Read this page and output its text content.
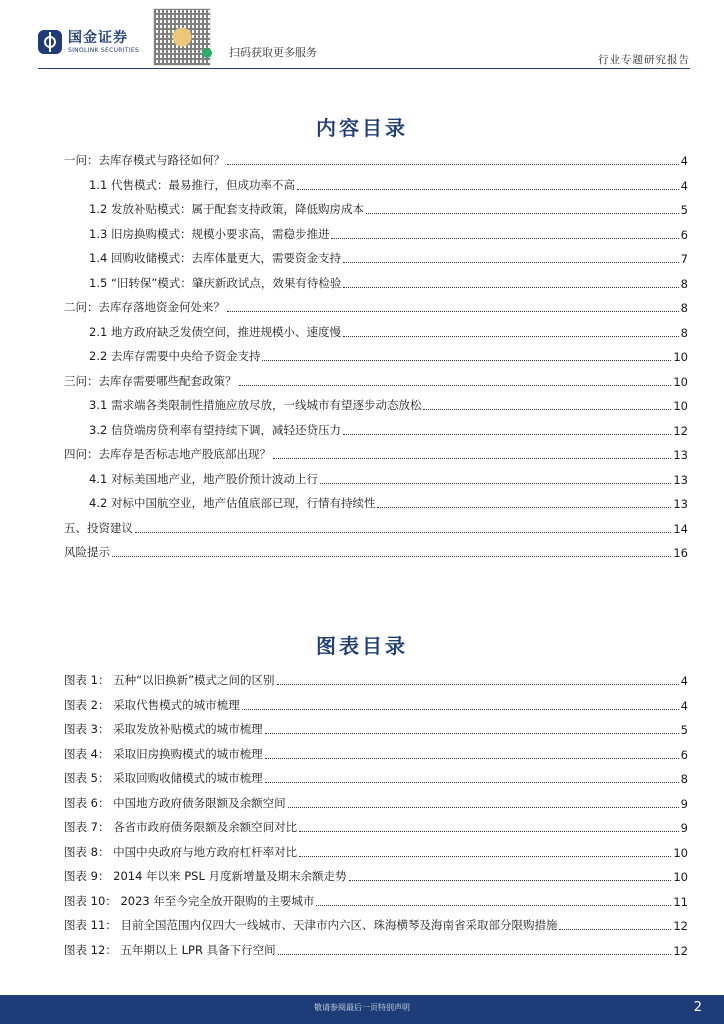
国金证券
SINOLINK SECURITIES	扫码获取更多服务
行业专题研究报告
内容目录
一问：去库存模式与路径如何？	4
1.1 代售模式：最易推行，但成功率不高	4
1.2 发放补贴模式：属于配套支持政策，降低购房成本	5
1.3 旧房换购模式：规模小要求高，需稳步推进	6
1.4 回购收储模式：去库体量更大，需要资金支持	7
1.5 “旧转保”模式：肇庆新政试点，效果有待检验	8
二问：去库存落地资金何处来？	8
2.1 地方政府缺乏发债空间，推进规模小、速度慢	8
2.2 去库存需要中央给予资金支持	10
三问：去库存需要哪些配套政策？	10
3.1 需求端各类限制性措施应放尽放，一线城市有望逐步动态放松	10
3.2 信贷端房贷利率有望持续下调，减轻还贷压力	12
四问：去库存是否标志地产股底部出现？	13
4.1 对标美国地产业，地产股价预计波动上行	13
4.2 对标中国航空业，地产估值底部已现，行情有持续性	13
五、投资建议	14
风险提示	16
图表目录
图表 1： 五种“以旧换新”模式之间的区别	4
图表 2： 采取代售模式的城市梳理	4
图表 3： 采取发放补贴模式的城市梳理	5
图表 4： 采取旧房换购模式的城市梳理	6
图表 5： 采取回购收储模式的城市梳理	8
图表 6： 中国地方政府债务限额及余额空间	9
图表 7： 各省市政府债务限额及余额空间对比	9
图表 8： 中国中央政府与地方政府杠杆率对比	10
图表 9： 2014 年以来 PSL 月度新增量及期末余额走势	10
图表 10： 2023 年至今完全放开限购的主要城市	11
图表 11： 目前全国范围内仅四大一线城市、天津市内六区、珠海横琴及海南省采取部分限购措施	12
图表 12： 五年期以上 LPR 具备下行空间	12
敬请参阅最后一页特别声明	2
